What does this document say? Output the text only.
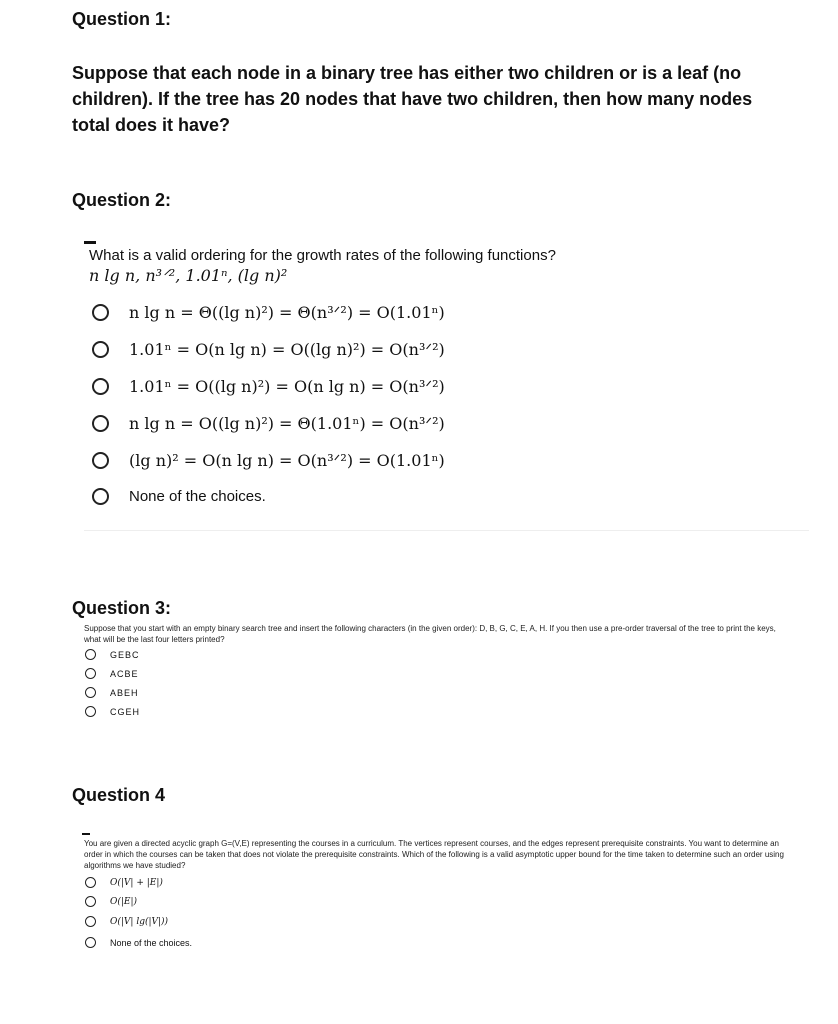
Question 1:
Suppose that each node in a binary tree has either two children or is a leaf (no children). If the tree has 20 nodes that have two children, then how many nodes total does it have?
Question 2:
What is a valid ordering for the growth rates of the following functions?
n lg n, n³ᐟ², 1.01ⁿ, (lg n)²
n lg n = Θ((lg n)²) = Θ(n³ᐟ²) = O(1.01ⁿ)
1.01ⁿ = O(n lg n) = O((lg n)²) = O(n³ᐟ²)
1.01ⁿ = O((lg n)²) = O(n lg n) = O(n³ᐟ²)
n lg n = O((lg n)²) = Θ(1.01ⁿ) = O(n³ᐟ²)
(lg n)² = O(n lg n) = O(n³ᐟ²) = O(1.01ⁿ)
None of the choices.
Question 3:
Suppose that you start with an empty binary search tree and insert the following characters (in the given order): D, B, G, C, E, A, H. If you then use a pre-order traversal of the tree to print the keys, what will be the last four letters printed?
GEBC
ACBE
ABEH
CGEH
Question 4
You are given a directed acyclic graph G=(V,E) representing the courses in a curriculum. The vertices represent courses, and the edges represent prerequisite constraints. You want to determine an order in which the courses can be taken that does not violate the prerequisite constraints. Which of the following is a valid asymptotic upper bound for the time taken to determine such an order using algorithms we have studied?
O(|V| + |E|)
O(|E|)
O(|V| lg(|V|))
None of the choices.
